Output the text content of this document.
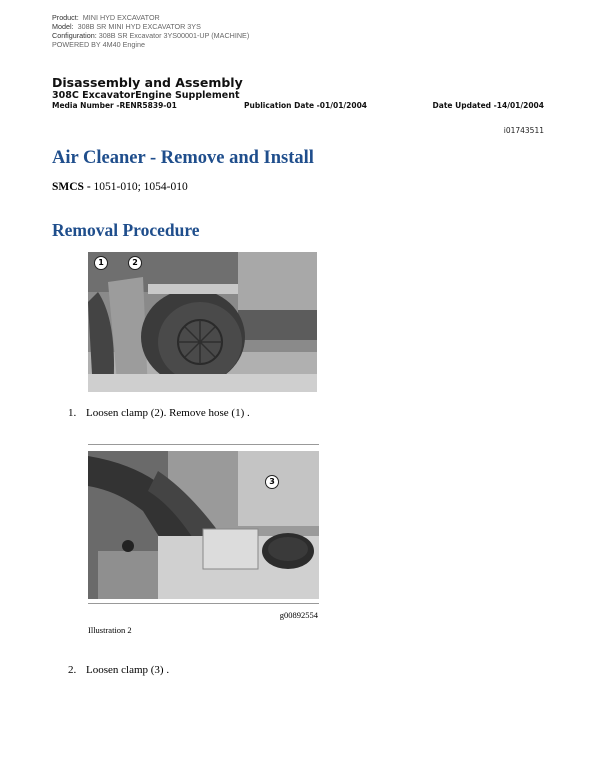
Product: MINI HYD EXCAVATOR
Model: 308B SR MINI HYD EXCAVATOR 3YS
Configuration: 308B SR Excavator 3YS00001-UP (MACHINE)
POWERED BY 4M40 Engine
Disassembly and Assembly
308C ExcavatorEngine Supplement
Media Number -RENR5839-01	Publication Date -01/01/2004	Date Updated -14/01/2004
i01743511
Air Cleaner - Remove and Install
SMCS - 1051-010; 1054-010
Removal Procedure
1	2
1. Loosen clamp (2). Remove hose (1) .
3
g00892554
Illustration 2
2. Loosen clamp (3) .
